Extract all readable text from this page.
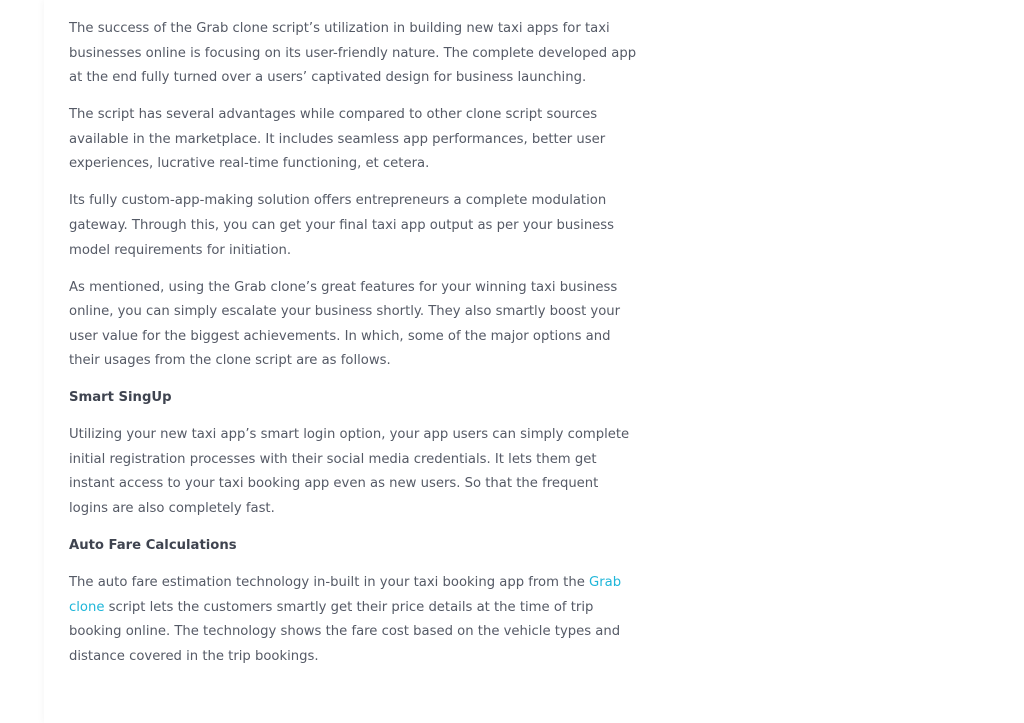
The success of the Grab clone script’s utilization in building new taxi apps for taxi businesses online is focusing on its user-friendly nature. The complete developed app at the end fully turned over a users’ captivated design for business launching.

The script has several advantages while compared to other clone script sources available in the marketplace. It includes seamless app performances, better user experiences, lucrative real-time functioning, et cetera.

Its fully custom-app-making solution offers entrepreneurs a complete modulation gateway. Through this, you can get your final taxi app output as per your business model requirements for initiation.

As mentioned, using the Grab clone’s great features for your winning taxi business online, you can simply escalate your business shortly. They also smartly boost your user value for the biggest achievements. In which, some of the major options and their usages from the clone script are as follows.

Smart SingUp

Utilizing your new taxi app’s smart login option, your app users can simply complete initial registration processes with their social media credentials. It lets them get instant access to your taxi booking app even as new users. So that the frequent logins are also completely fast.

Auto Fare Calculations

The auto fare estimation technology in-built in your taxi booking app from the Grab clone script lets the customers smartly get their price details at the time of trip booking online. The technology shows the fare cost based on the vehicle types and distance covered in the trip bookings.
